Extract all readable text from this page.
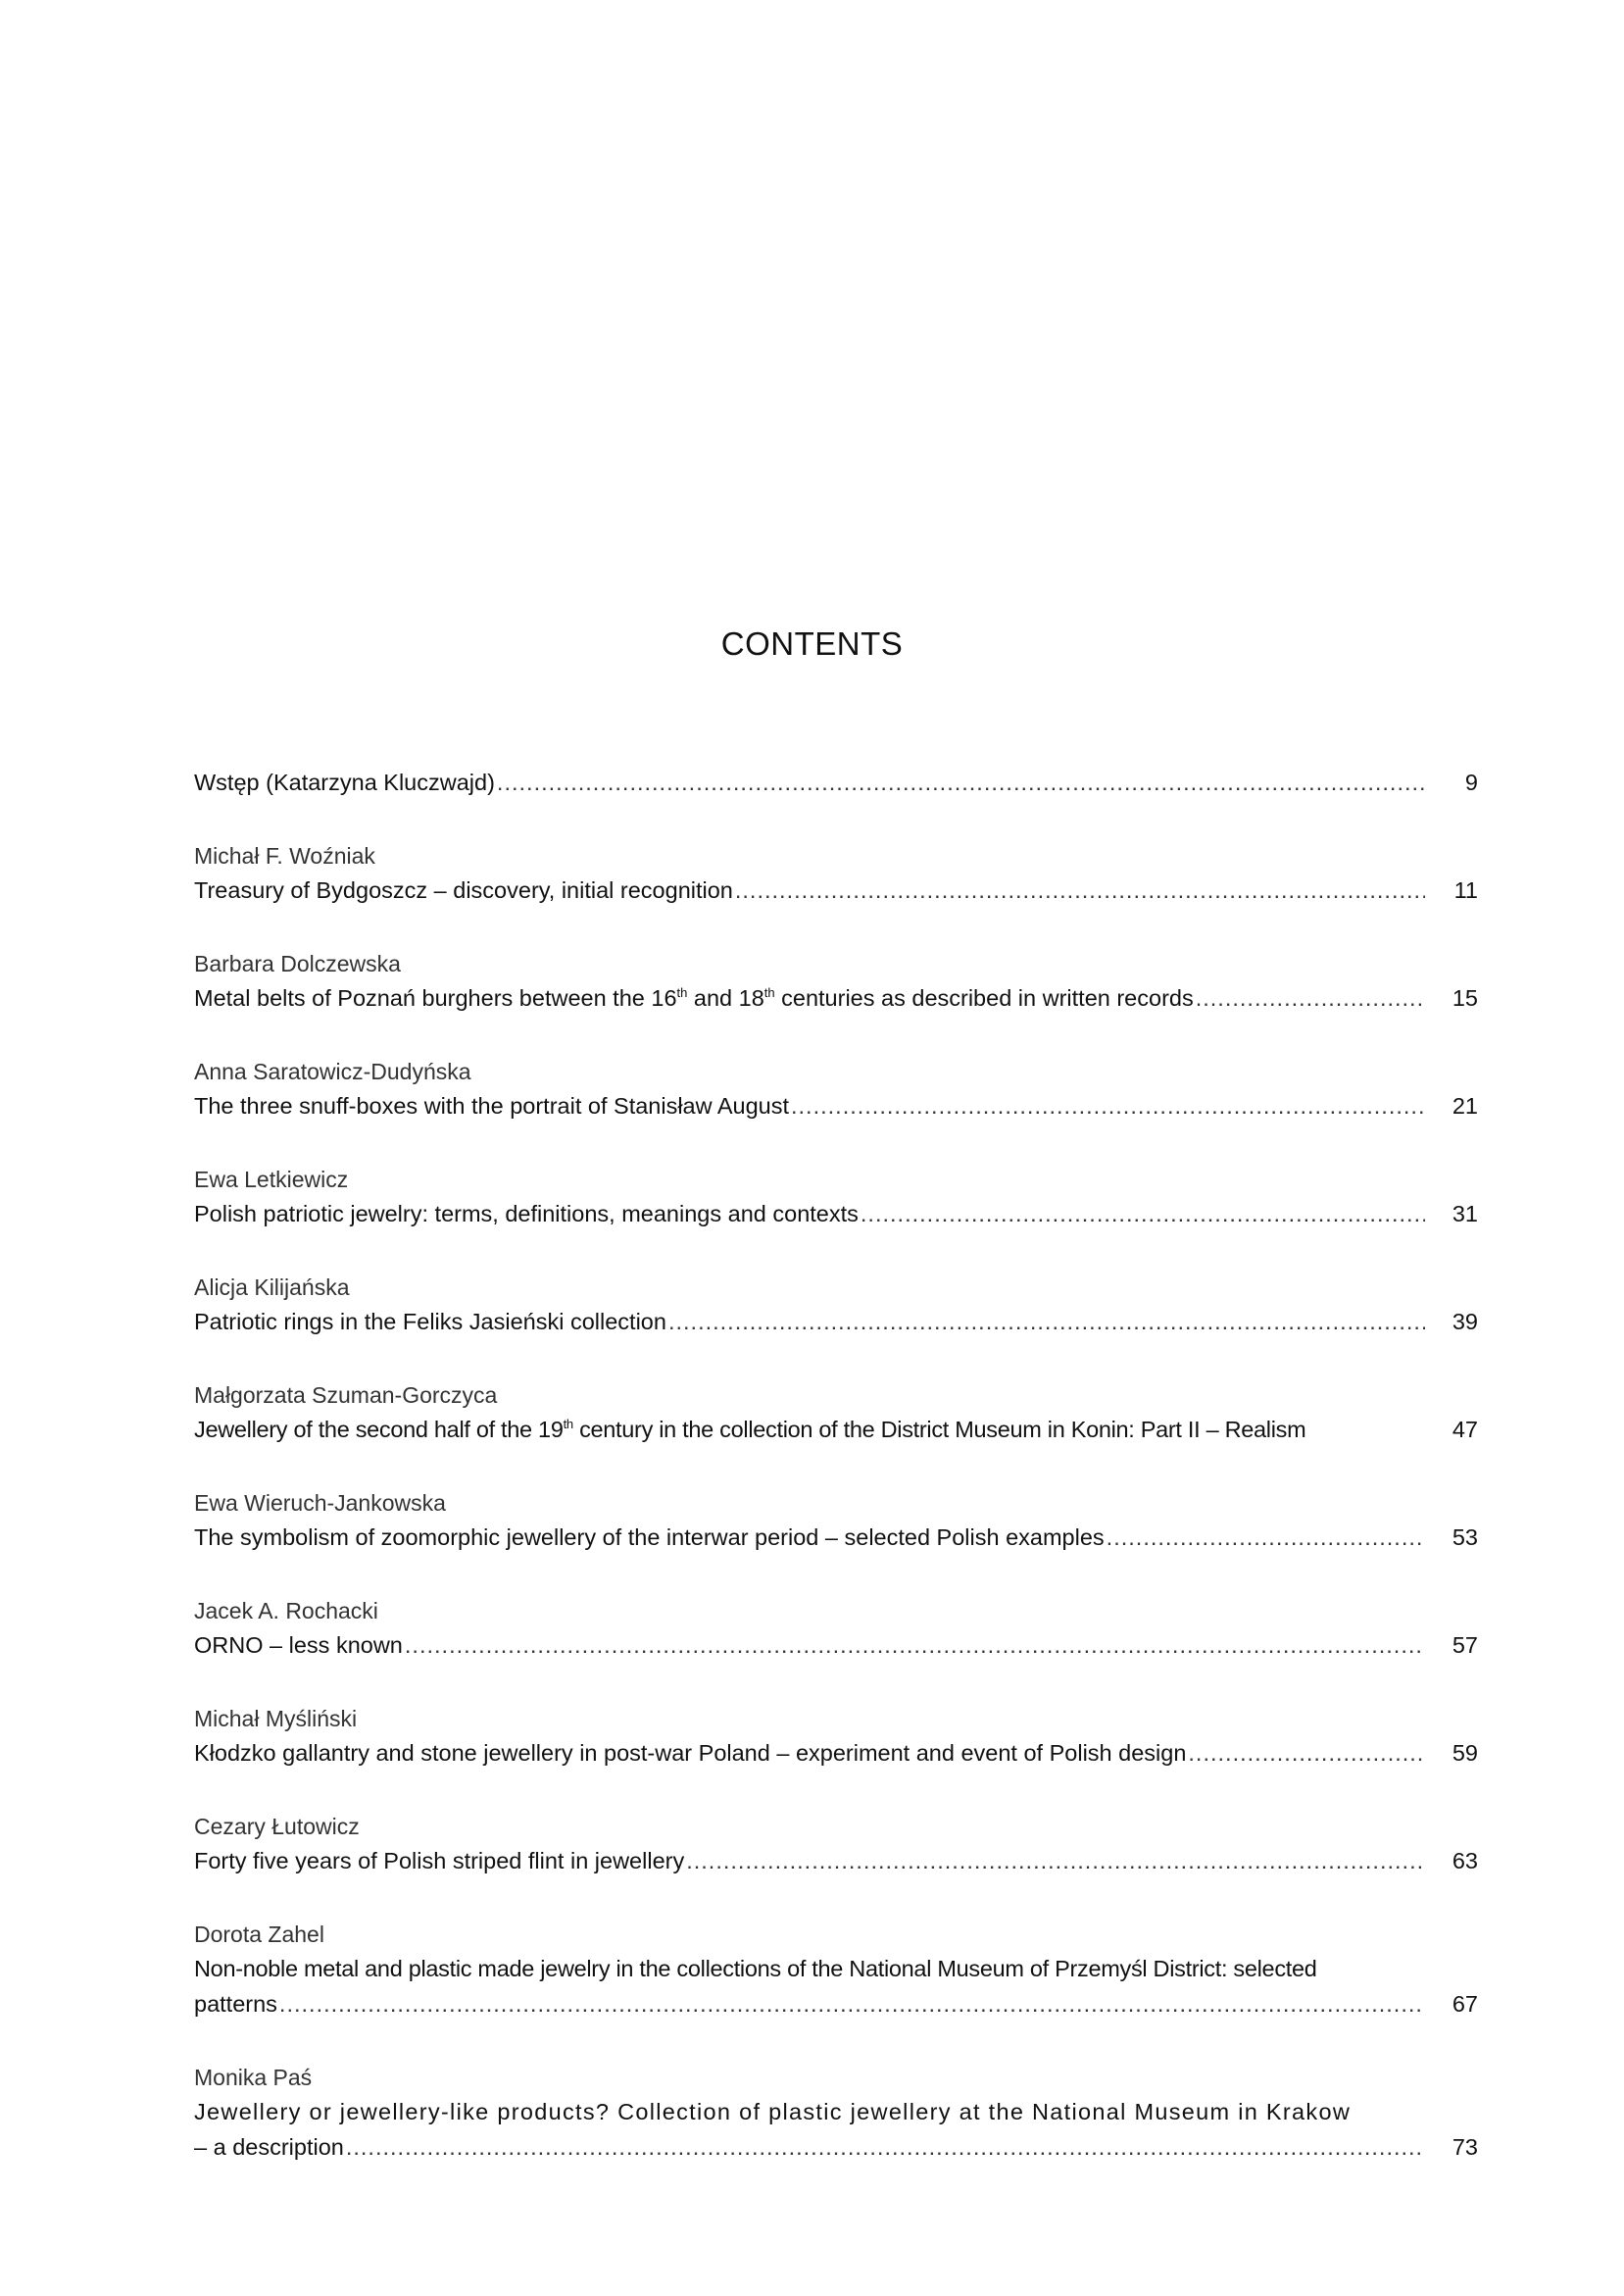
CONTENTS
Wstęp (Katarzyna Kluczwajd) .....	9
Michał F. Woźniak
Treasury of Bydgoszcz – discovery, initial recognition .....	11
Barbara Dolczewska
Metal belts of Poznań burghers between the 16th and 18th centuries as described in written records .....	15
Anna Saratowicz-Dudyńska
The three snuff-boxes with the portrait of Stanisław August .....	21
Ewa Letkiewicz
Polish patriotic jewelry: terms, definitions, meanings and contexts .....	31
Alicja Kilijańska
Patriotic rings in the Feliks Jasieński collection .....	39
Małgorzata Szuman-Gorczyca
Jewellery of the second half of the 19th century in the collection of the District Museum in Konin: Part II – Realism	47
Ewa Wieruch-Jankowska
The symbolism of zoomorphic jewellery of the interwar period – selected Polish examples .....	53
Jacek A. Rochacki
ORNO – less known .....	57
Michał Myśliński
Kłodzko gallantry and stone jewellery in post-war Poland – experiment and event of Polish design .....	59
Cezary Łutowicz
Forty five years of Polish striped flint in jewellery .....	63
Dorota Zahel
Non-noble metal and plastic made jewelry in the collections of the National Museum of Przemyśl District: selected
patterns .....	67
Monika Paś
Jewellery or jewellery-like products? Collection of plastic jewellery at the National Museum in Krakow
– a description .....	73
